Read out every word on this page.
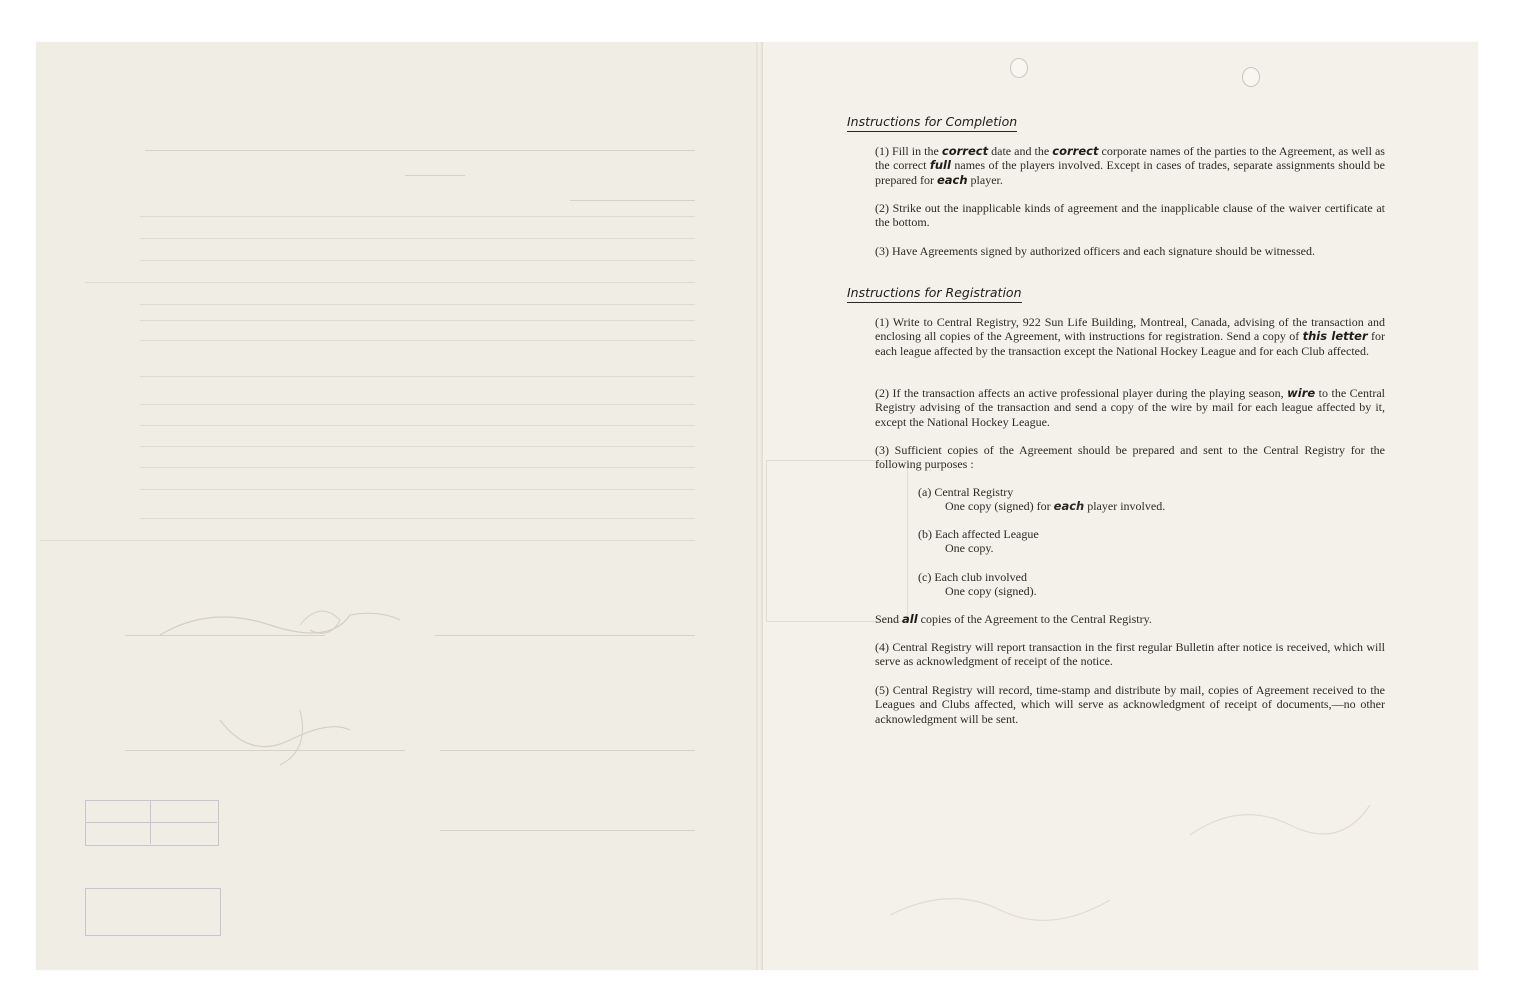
Instructions for Completion
(1) Fill in the correct date and the correct corporate names of the parties to the Agreement, as well as the correct full names of the players involved. Except in cases of trades, separate assignments should be prepared for each player.
(2) Strike out the inapplicable kinds of agreement and the inapplicable clause of the waiver certificate at the bottom.
(3) Have Agreements signed by authorized officers and each signature should be witnessed.
Instructions for Registration
(1) Write to Central Registry, 922 Sun Life Building, Montreal, Canada, advising of the transaction and enclosing all copies of the Agreement, with instructions for registration. Send a copy of this letter for each league affected by the transaction except the National Hockey League and for each Club affected.
(2) If the transaction affects an active professional player during the playing season, wire to the Central Registry advising of the transaction and send a copy of the wire by mail for each league affected by it, except the National Hockey League.
(3) Sufficient copies of the Agreement should be prepared and sent to the Central Registry for the following purposes :
(a) Central Registry
One copy (signed) for each player involved.
(b) Each affected League
One copy.
(c) Each club involved
One copy (signed).
Send all copies of the Agreement to the Central Registry.
(4) Central Registry will report transaction in the first regular Bulletin after notice is received, which will serve as acknowledgment of receipt of the notice.
(5) Central Registry will record, time-stamp and distribute by mail, copies of Agreement received to the Leagues and Clubs affected, which will serve as acknowledgment of receipt of documents,—no other acknowledgment will be sent.
